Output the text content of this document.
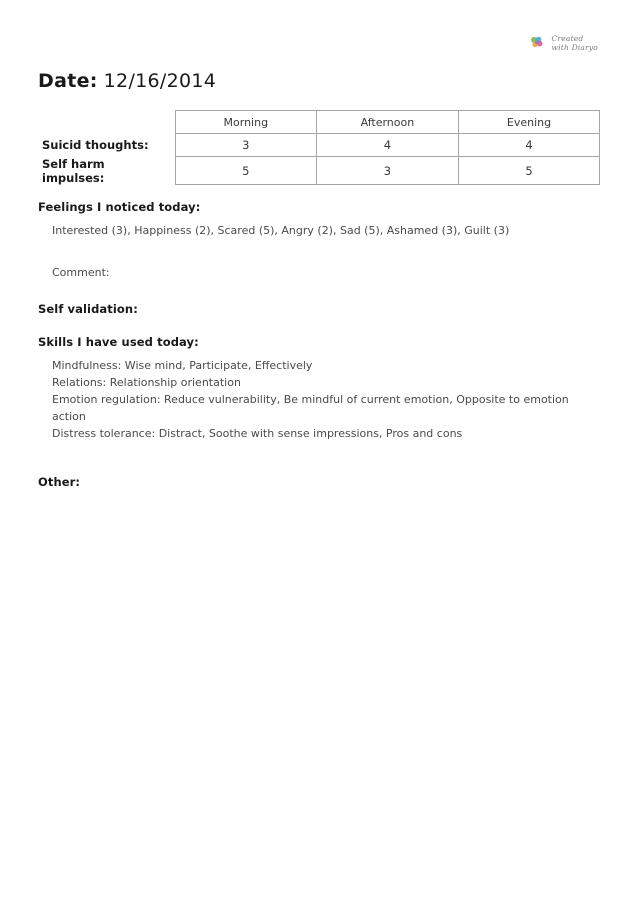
Created
with Diaryo
Date: 12/16/2014
	Morning	Afternoon	Evening
Suicid thoughts:	3	4	4
Self harm impulses:	5	3	5
Feelings I noticed today:
Interested (3), Happiness (2), Scared (5), Angry (2), Sad (5), Ashamed (3), Guilt (3)
Comment:
Self validation:
Skills I have used today:
Mindfulness: Wise mind, Participate, Effectively
Relations: Relationship orientation
Emotion regulation: Reduce vulnerability, Be mindful of current emotion, Opposite to emotion action
Distress tolerance: Distract, Soothe with sense impressions, Pros and cons
Other:
